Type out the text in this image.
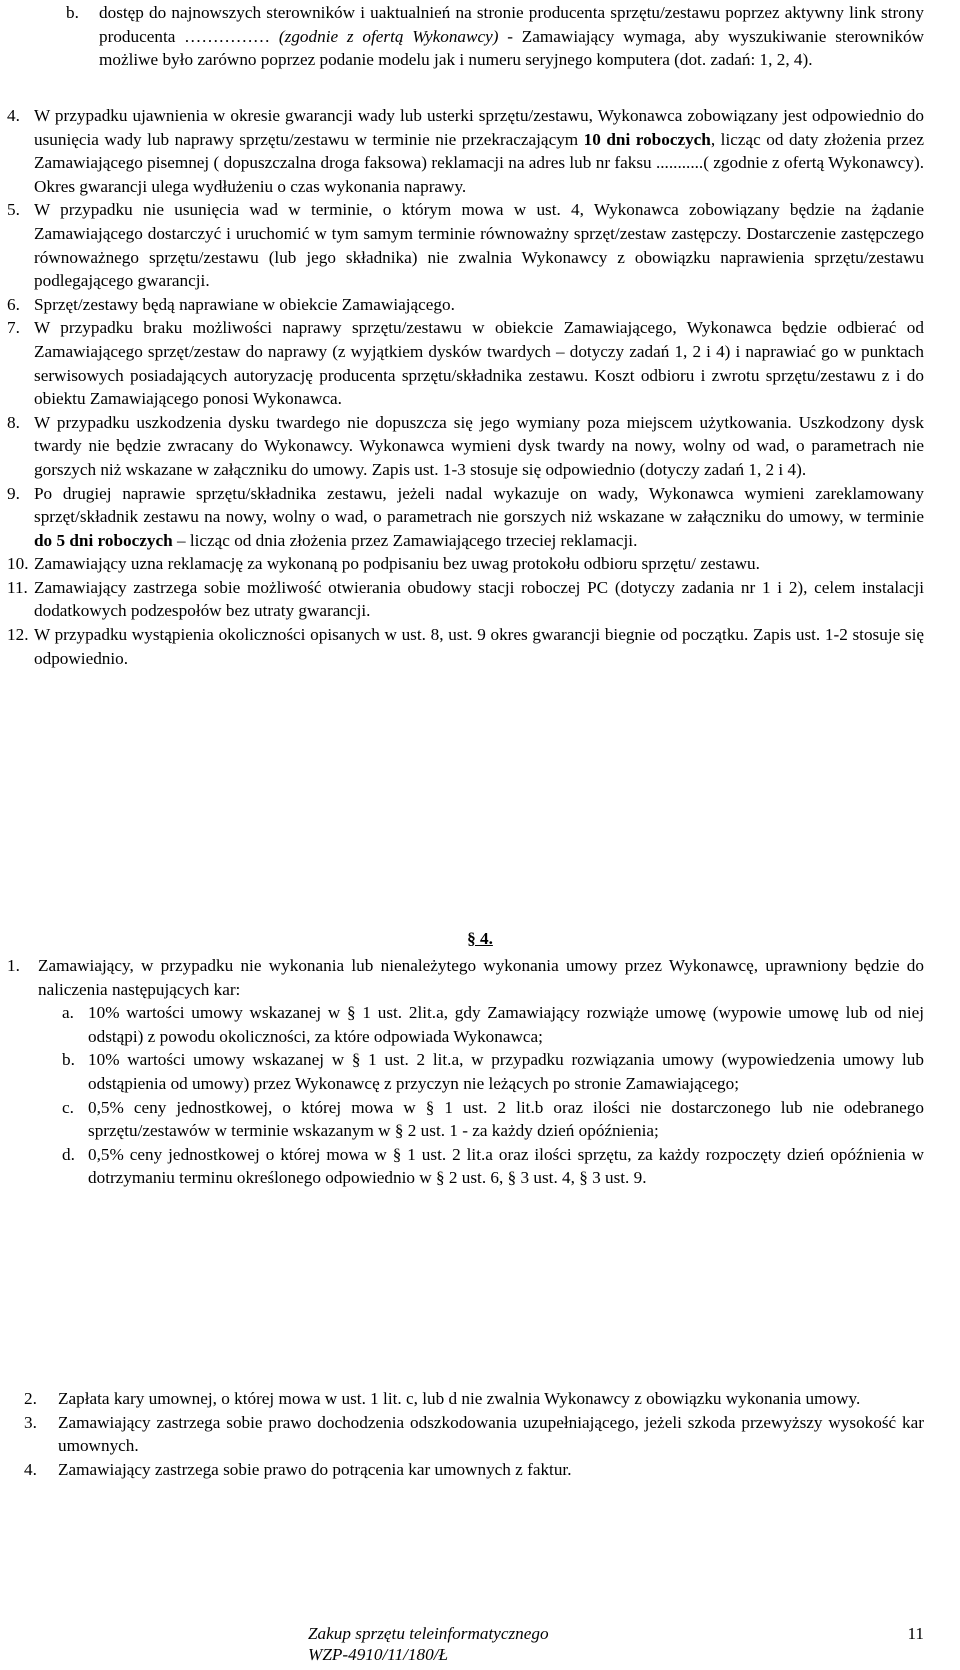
b.	dostęp do najnowszych sterowników i uaktualnień na stronie producenta sprzętu/zestawu poprzez aktywny link strony producenta …………… (zgodnie z ofertą Wykonawcy) - Zamawiający wymaga, aby wyszukiwanie sterowników możliwe było zarówno poprzez podanie modelu jak i numeru seryjnego komputera (dot. zadań: 1, 2, 4).
4. W przypadku ujawnienia w okresie gwarancji wady lub usterki sprzętu/zestawu, Wykonawca zobowiązany jest odpowiednio do usunięcia wady lub naprawy sprzętu/zestawu w terminie nie przekraczającym 10 dni roboczych, licząc od daty złożenia przez Zamawiającego pisemnej ( dopuszczalna droga faksowa) reklamacji na adres lub nr faksu ...........( zgodnie z ofertą Wykonawcy). Okres gwarancji ulega wydłużeniu o czas wykonania naprawy.
5. W przypadku nie usunięcia wad w terminie, o którym mowa w ust. 4, Wykonawca zobowiązany będzie na żądanie Zamawiającego dostarczyć i uruchomić w tym samym terminie równoważny sprzęt/zestaw zastępczy. Dostarczenie zastępczego równoważnego sprzętu/zestawu (lub jego składnika) nie zwalnia Wykonawcy z obowiązku naprawienia sprzętu/zestawu podlegającego gwarancji.
6. Sprzęt/zestawy będą naprawiane w obiekcie Zamawiającego.
7. W przypadku braku możliwości naprawy sprzętu/zestawu w obiekcie Zamawiającego, Wykonawca będzie odbierać od Zamawiającego sprzęt/zestaw do naprawy (z wyjątkiem dysków twardych – dotyczy zadań 1, 2 i 4) i naprawiać go w punktach serwisowych posiadających autoryzację producenta sprzętu/składnika zestawu. Koszt odbioru i zwrotu sprzętu/zestawu z i do obiektu Zamawiającego ponosi Wykonawca.
8. W przypadku uszkodzenia dysku twardego nie dopuszcza się jego wymiany poza miejscem użytkowania. Uszkodzony dysk twardy nie będzie zwracany do Wykonawcy. Wykonawca wymieni dysk twardy na nowy, wolny od wad, o parametrach nie gorszych niż wskazane w załączniku do umowy. Zapis ust. 1-3 stosuje się odpowiednio (dotyczy zadań 1, 2 i 4).
9. Po drugiej naprawie sprzętu/składnika zestawu, jeżeli nadal wykazuje on wady, Wykonawca wymieni zareklamowany sprzęt/składnik zestawu na nowy, wolny o wad, o parametrach nie gorszych niż wskazane w załączniku do umowy, w terminie do 5 dni roboczych – licząc od dnia złożenia przez Zamawiającego trzeciej reklamacji.
10. Zamawiający uzna reklamację za wykonaną po podpisaniu bez uwag protokołu odbioru sprzętu/ zestawu.
11. Zamawiający zastrzega sobie możliwość otwierania obudowy stacji roboczej PC (dotyczy zadania nr 1 i 2), celem instalacji dodatkowych podzespołów bez utraty gwarancji.
12. W przypadku wystąpienia okoliczności opisanych w ust. 8, ust. 9 okres gwarancji biegnie od początku. Zapis ust. 1-2 stosuje się odpowiednio.
§ 4.
1.	Zamawiający, w przypadku nie wykonania lub nienależytego wykonania umowy przez Wykonawcę, uprawniony będzie do naliczenia następujących kar:
a. 10% wartości umowy wskazanej w § 1 ust. 2lit.a, gdy Zamawiający rozwiąże umowę (wypowie umowę lub od niej odstąpi) z powodu okoliczności, za które odpowiada Wykonawca;
b. 10% wartości umowy wskazanej w § 1 ust. 2 lit.a, w przypadku rozwiązania umowy (wypowiedzenia umowy lub odstąpienia od umowy) przez Wykonawcę z przyczyn nie leżących po stronie Zamawiającego;
c. 0,5% ceny jednostkowej, o której mowa w § 1 ust. 2 lit.b oraz ilości nie dostarczonego lub nie odebranego sprzętu/zestawów w terminie wskazanym w § 2 ust. 1 - za każdy dzień opóźnienia;
d. 0,5% ceny jednostkowej o której mowa w § 1 ust. 2 lit.a oraz ilości sprzętu, za każdy rozpoczęty dzień opóźnienia w dotrzymaniu terminu określonego odpowiednio w § 2 ust. 6, § 3 ust. 4, § 3 ust. 9.
2.	Zapłata kary umownej, o której mowa w ust. 1 lit. c, lub d nie zwalnia Wykonawcy z obowiązku wykonania umowy.
3.	Zamawiający zastrzega sobie prawo dochodzenia odszkodowania uzupełniającego, jeżeli szkoda przewyższy wysokość kar umownych.
4.	Zamawiający zastrzega sobie prawo do potrącenia kar umownych z faktur.
Zakup sprzętu teleinformatycznego
WZP-4910/11/180/Ł
11
